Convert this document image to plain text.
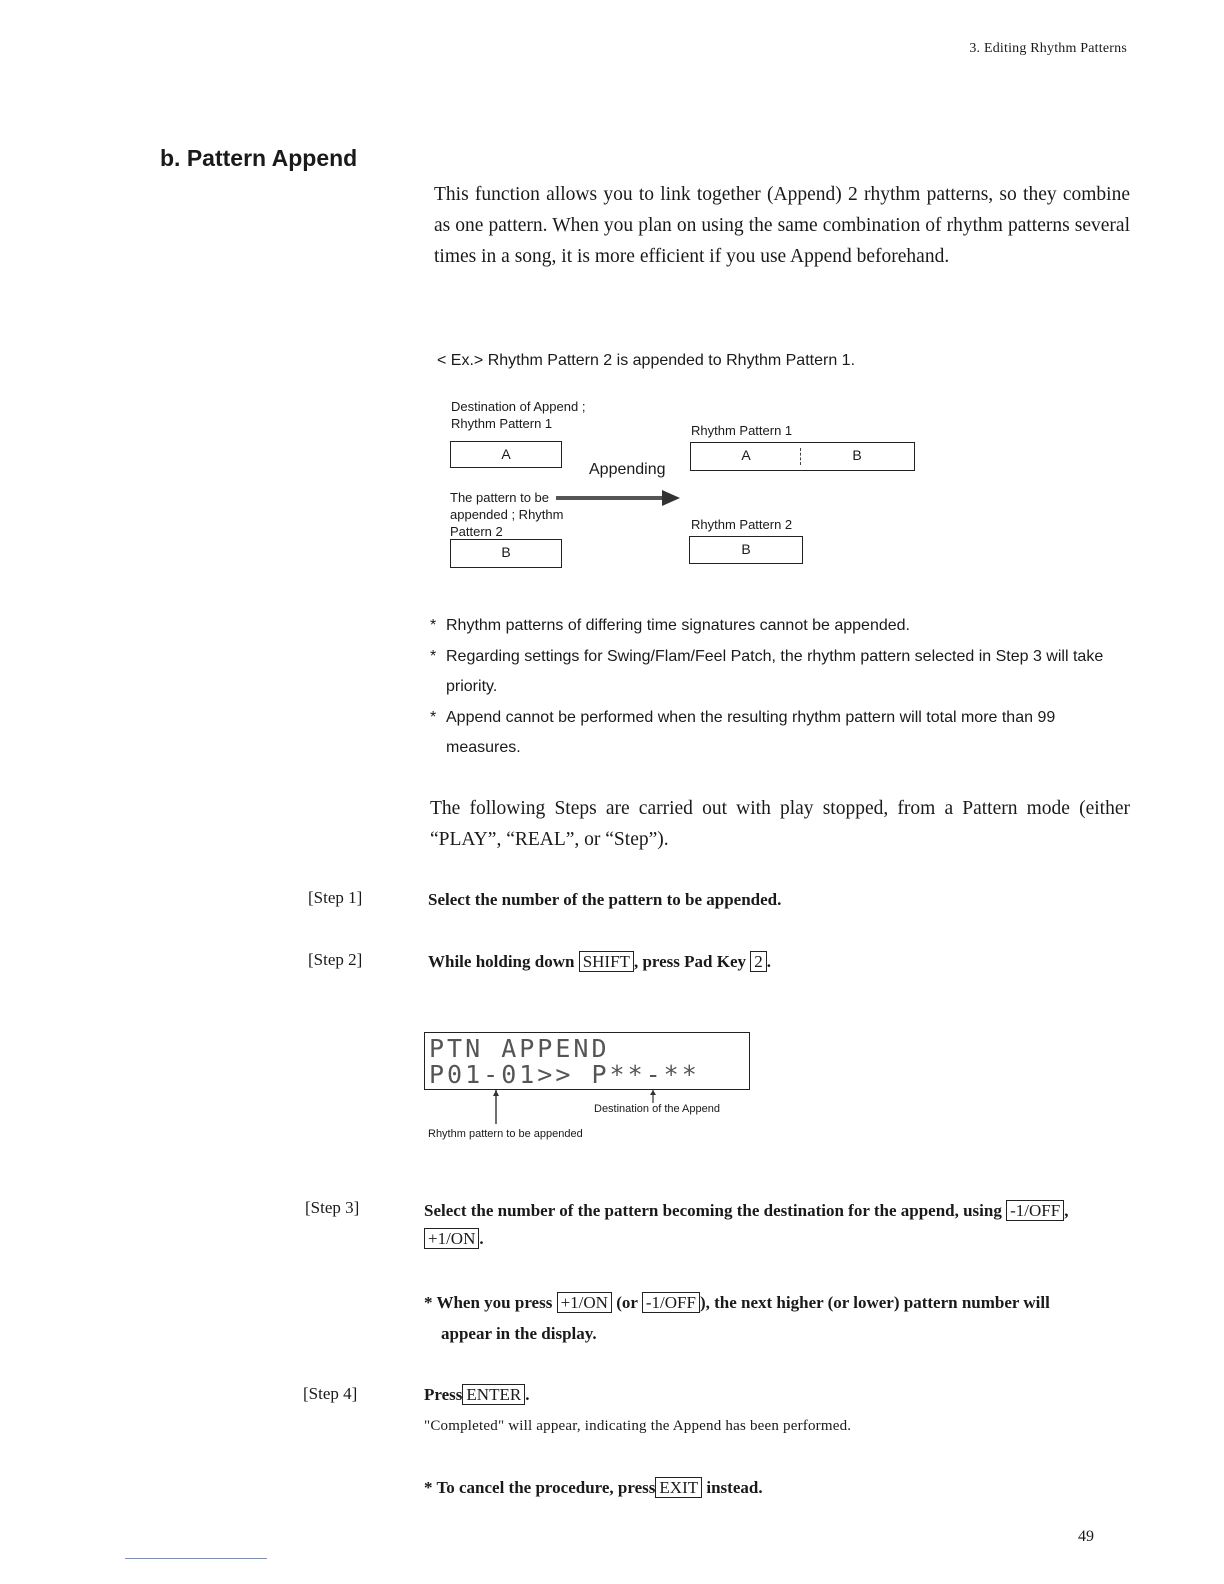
3. Editing Rhythm Patterns
b. Pattern Append
This function allows you to link together (Append) 2 rhythm patterns, so they combine as one pattern. When you plan on using the same combination of rhythm patterns several times in a song, it is more efficient if you use Append beforehand.
< Ex.> Rhythm Pattern 2 is appended to Rhythm Pattern 1.
Destination of Append ;
Rhythm Pattern 1
A
Appending
The pattern to be
appended ; Rhythm
Pattern 2
B
Rhythm Pattern 1
A	B
Rhythm Pattern 2
B
* Rhythm patterns of differing time signatures cannot be appended.
* Regarding settings for Swing/Flam/Feel Patch, the rhythm pattern selected in Step 3 will take priority.
* Append cannot be performed when the resulting rhythm pattern will total more than 99 measures.
The following Steps are carried out with play stopped, from a Pattern mode (either “PLAY”, “REAL”, or “Step”).
[Step 1]	Select the number of the pattern to be appended.
[Step 2]	While holding down SHIFT , press Pad Key 2 .
PTN APPEND
P01-01>> P**-**
Destination of the Append
Rhythm pattern to be appended
[Step 3]	Select the number of the pattern becoming the destination for the append, using -1/OFF ,
+1/ON .
* When you press +1/ON (or -1/OFF ), the next higher (or lower) pattern number will
appear in the display.
[Step 4]	Press ENTER .
"Completed" will appear, indicating the Append has been performed.
* To cancel the procedure, press EXIT instead.
49
